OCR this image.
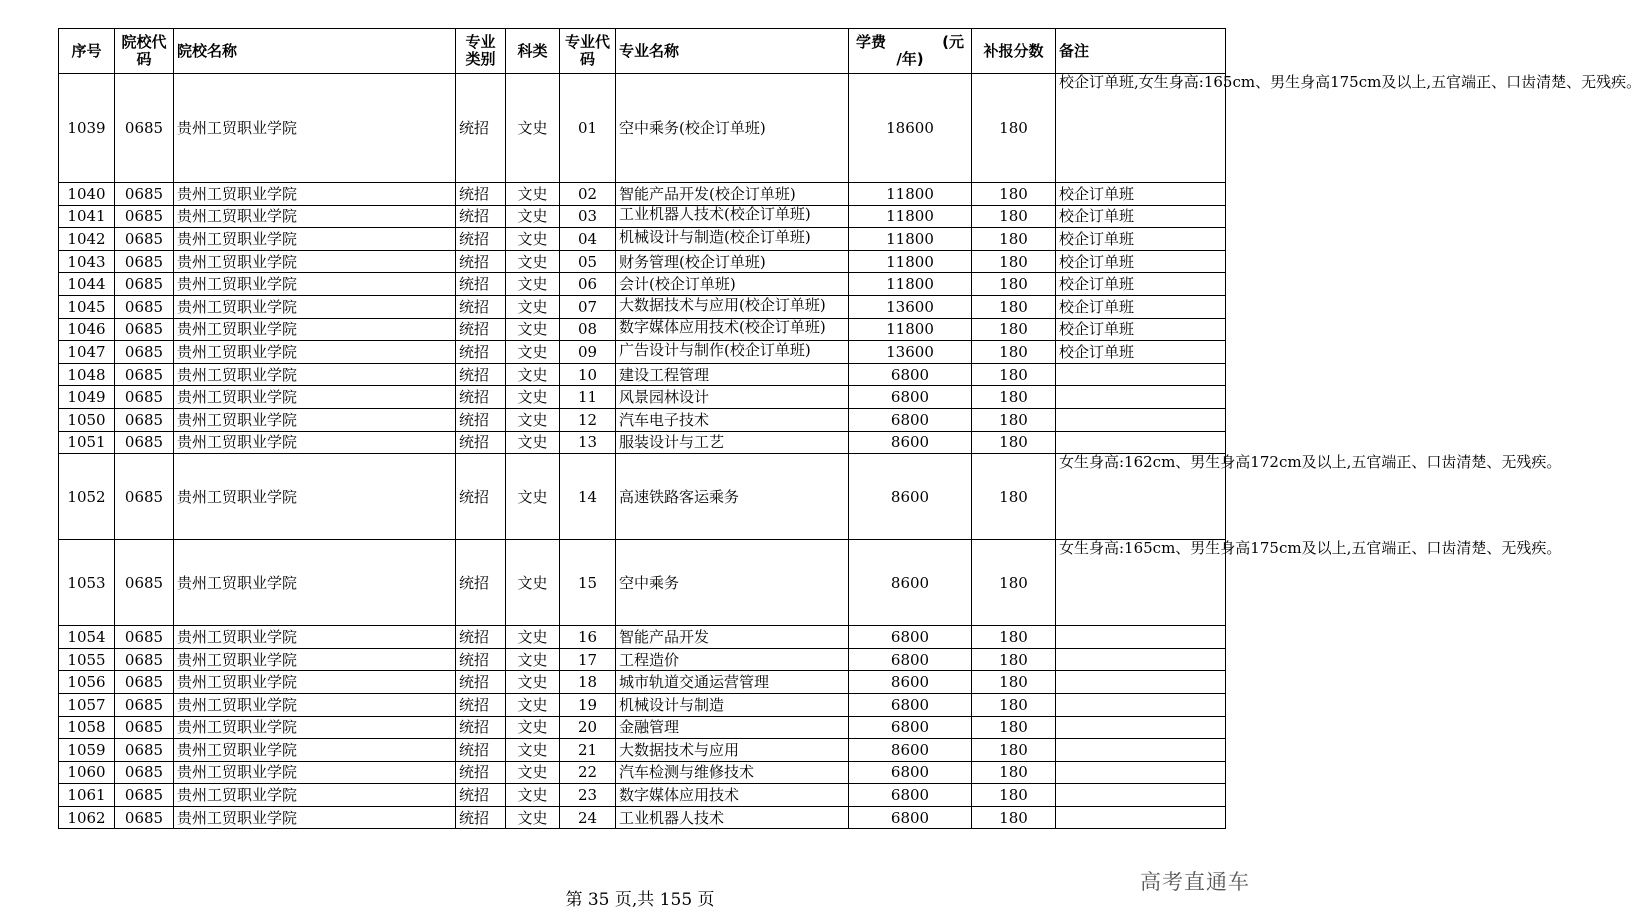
序号	院校代码	院校名称	专业类别	科类	专业代码	专业名称	学费 (元
/年)	补报分数	备注
1039	0685	贵州工贸职业学院	统招	文史	01	空中乘务(校企订单班)	18600	180	校企订单班,女生身高:165cm、男生身高175cm及以上,五官端正、口齿清楚、无残疾。
1040	0685	贵州工贸职业学院	统招	文史	02	智能产品开发(校企订单班)	11800	180	校企订单班
1041	0685	贵州工贸职业学院	统招	文史	03	工业机器人技术(校企订单班)	11800	180	校企订单班
1042	0685	贵州工贸职业学院	统招	文史	04	机械设计与制造(校企订单班)	11800	180	校企订单班
1043	0685	贵州工贸职业学院	统招	文史	05	财务管理(校企订单班)	11800	180	校企订单班
1044	0685	贵州工贸职业学院	统招	文史	06	会计(校企订单班)	11800	180	校企订单班
1045	0685	贵州工贸职业学院	统招	文史	07	大数据技术与应用(校企订单班)	13600	180	校企订单班
1046	0685	贵州工贸职业学院	统招	文史	08	数字媒体应用技术(校企订单班)	11800	180	校企订单班
1047	0685	贵州工贸职业学院	统招	文史	09	广告设计与制作(校企订单班)	13600	180	校企订单班
1048	0685	贵州工贸职业学院	统招	文史	10	建设工程管理	6800	180	
1049	0685	贵州工贸职业学院	统招	文史	11	风景园林设计	6800	180	
1050	0685	贵州工贸职业学院	统招	文史	12	汽车电子技术	6800	180	
1051	0685	贵州工贸职业学院	统招	文史	13	服装设计与工艺	8600	180	
1052	0685	贵州工贸职业学院	统招	文史	14	高速铁路客运乘务	8600	180	女生身高:162cm、男生身高172cm及以上,五官端正、口齿清楚、无残疾。
1053	0685	贵州工贸职业学院	统招	文史	15	空中乘务	8600	180	女生身高:165cm、男生身高175cm及以上,五官端正、口齿清楚、无残疾。
1054	0685	贵州工贸职业学院	统招	文史	16	智能产品开发	6800	180	
1055	0685	贵州工贸职业学院	统招	文史	17	工程造价	6800	180	
1056	0685	贵州工贸职业学院	统招	文史	18	城市轨道交通运营管理	8600	180	
1057	0685	贵州工贸职业学院	统招	文史	19	机械设计与制造	6800	180	
1058	0685	贵州工贸职业学院	统招	文史	20	金融管理	6800	180	
1059	0685	贵州工贸职业学院	统招	文史	21	大数据技术与应用	8600	180	
1060	0685	贵州工贸职业学院	统招	文史	22	汽车检测与维修技术	6800	180	
1061	0685	贵州工贸职业学院	统招	文史	23	数字媒体应用技术	6800	180	
1062	0685	贵州工贸职业学院	统招	文史	24	工业机器人技术	6800	180	
第 35 页,共 155 页
高考直通车
